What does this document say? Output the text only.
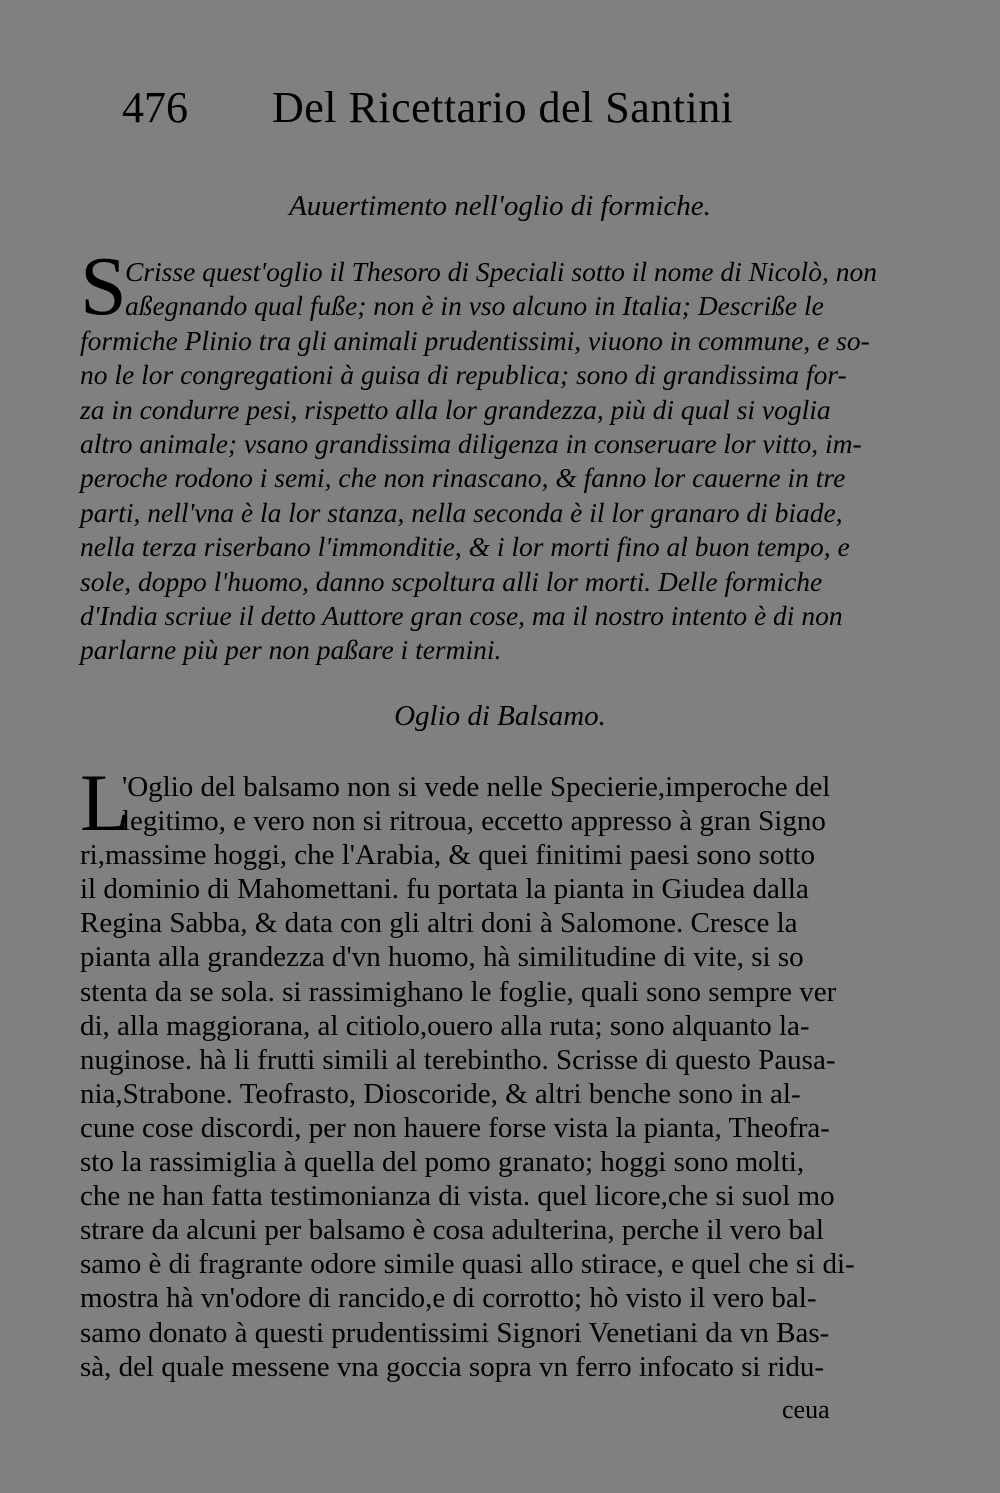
476 Del Ricettario del Santini
Auuertimento nell'oglio di formiche.
S
Crisse quest'oglio il Thesoro di Speciali sotto il nome di Nicolò, non
aßegnando qual fuße; non è in vso alcuno in Italia; Descriße le
formiche Plinio tra gli animali prudentissimi, viuono in commune, e so-
no le lor congregationi à guisa di republica; sono di grandissima for-
za in condurre pesi, rispetto alla lor grandezza, più di qual si voglia
altro animale; vsano grandissima diligenza in conseruare lor vitto, im-
peroche rodono i semi, che non rinascano, & fanno lor cauerne in tre
parti, nell'vna è la lor stanza, nella seconda è il lor granaro di biade,
nella terza riserbano l'immonditie, & i lor morti fino al buon tempo, e
sole, doppo l'huomo, danno scpoltura alli lor morti. Delle formiche
d'India scriue il detto Auttore gran cose, ma il nostro intento è di non
parlarne più per non paßare i termini.
Oglio di Balsamo.
L
'Oglio del balsamo non si vede nelle Specierie,imperoche del
legitimo, e vero non si ritroua, eccetto appresso à gran Signo
ri,massime hoggi, che l'Arabia, & quei finitimi paesi sono sotto
il dominio di Mahomettani. fu portata la pianta in Giudea dalla
Regina Sabba, & data con gli altri doni à Salomone. Cresce la
pianta alla grandezza d'vn huomo, hà similitudine di vite, si so
stenta da se sola. si rassimighano le foglie, quali sono sempre ver
di, alla maggiorana, al citiolo,ouero alla ruta; sono alquanto la-
nuginose. hà li frutti simili al terebintho. Scrisse di questo Pausa-
nia,Strabone. Teofrasto, Dioscoride, & altri benche sono in al-
cune cose discordi, per non hauere forse vista la pianta, Theofra-
sto la rassimiglia à quella del pomo granato; hoggi sono molti,
che ne han fatta testimonianza di vista. quel licore,che si suol mo
strare da alcuni per balsamo è cosa adulterina, perche il vero bal
samo è di fragrante odore simile quasi allo stirace, e quel che si di-
mostra hà vn'odore di rancido,e di corrotto; hò visto il vero bal-
samo donato à questi prudentissimi Signori Venetiani da vn Bas-
sà, del quale messene vna goccia sopra vn ferro infocato si ridu-
ceua
